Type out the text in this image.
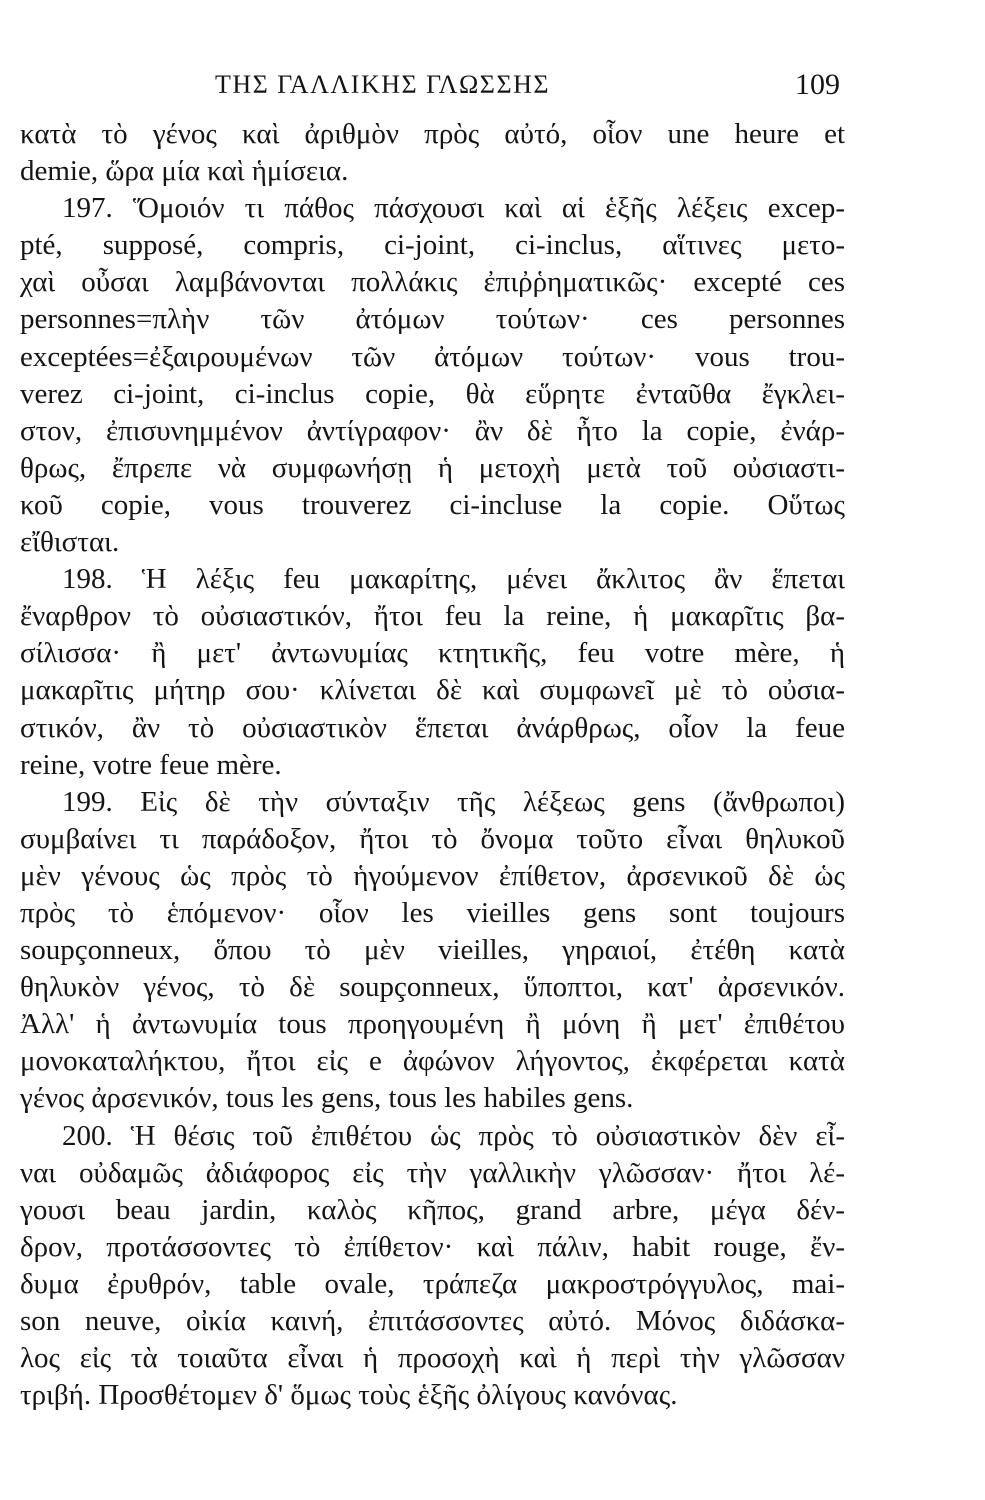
ΤΗΣ ΓΑΛΛΙΚΗΣ ΓΛΩΣΣΗΣ	109
κατὰ τὸ γένος καὶ ἀριθμὸν πρὸς αὐτό, οἷον une heure et
demie, ὥρα μία καὶ ἡμίσεια.
197. Ὅμοιόν τι πάθος πάσχουσι καὶ αἱ ἑξῆς λέξεις excep-
pté, supposé, compris, ci-joint, ci-inclus, αἵτινες μετο-
χαὶ οὖσαι λαμβάνονται πολλάκις ἐπιῤῥηματικῶς· excepté ces
personnes=πλὴν τῶν ἀτόμων τούτων· ces personnes
exceptées=ἐξαιρουμένων τῶν ἀτόμων τούτων· vous trou-
verez ci-joint, ci-inclus copie, θὰ εὕρητε ἐνταῦθα ἔγκλει-
στον, ἐπισυνημμένον ἀντίγραφον· ἂν δὲ ἦτο la copie, ἐνάρ-
θρως, ἔπρεπε νὰ συμφωνήσῃ ἡ μετοχὴ μετὰ τοῦ οὐσιαστι-
κοῦ copie, vous trouverez ci-incluse la copie. Οὕτως
εἴθισται.
198. Ἡ λέξις feu μακαρίτης, μένει ἄκλιτος ἂν ἕπεται
ἔναρθρον τὸ οὐσιαστικόν, ἤτοι feu la reine, ἡ μακαρῖτις βα-
σίλισσα· ἢ μετ' ἀντωνυμίας κτητικῆς, feu votre mère, ἡ
μακαρῖτις μήτηρ σου· κλίνεται δὲ καὶ συμφωνεῖ μὲ τὸ οὐσια-
στικόν, ἂν τὸ οὐσιαστικὸν ἕπεται ἀνάρθρως, οἷον la feue
reine, votre feue mère.
199. Εἰς δὲ τὴν σύνταξιν τῆς λέξεως gens (ἄνθρωποι)
συμβαίνει τι παράδοξον, ἤτοι τὸ ὄνομα τοῦτο εἶναι θηλυκοῦ
μὲν γένους ὡς πρὸς τὸ ἡγούμενον ἐπίθετον, ἀρσενικοῦ δὲ ὡς
πρὸς τὸ ἑπόμενον· οἷον les vieilles gens sont toujours
soupçonneux, ὅπου τὸ μὲν vieilles, γηραιοί, ἐτέθη κατὰ
θηλυκὸν γένος, τὸ δὲ soupçonneux, ὕποπτοι, κατ' ἀρσενικόν.
Ἀλλ' ἡ ἀντωνυμία tous προηγουμένη ἢ μόνη ἢ μετ' ἐπιθέτου
μονοκαταλήκτου, ἤτοι εἰς e ἀφώνον λήγοντος, ἐκφέρεται κατὰ
γένος ἀρσενικόν, tous les gens, tous les habiles gens.
200. Ἡ θέσις τοῦ ἐπιθέτου ὡς πρὸς τὸ οὐσιαστικὸν δὲν εἶ-
ναι οὐδαμῶς ἀδιάφορος εἰς τὴν γαλλικὴν γλῶσσαν· ἤτοι λέ-
γουσι beau jardin, καλὸς κῆπος, grand arbre, μέγα δέν-
δρον, προτάσσοντες τὸ ἐπίθετον· καὶ πάλιν, habit rouge, ἔν-
δυμα ἐρυθρόν, table ovale, τράπεζα μακροστρόγγυλος, mai-
son neuve, οἰκία καινή, ἐπιτάσσοντες αὐτό. Μόνος διδάσκα-
λος εἰς τὰ τοιαῦτα εἶναι ἡ προσοχὴ καὶ ἡ περὶ τὴν γλῶσσαν
τριβή. Προσθέτομεν δ' ὅμως τοὺς ἑξῆς ὀλίγους κανόνας.
